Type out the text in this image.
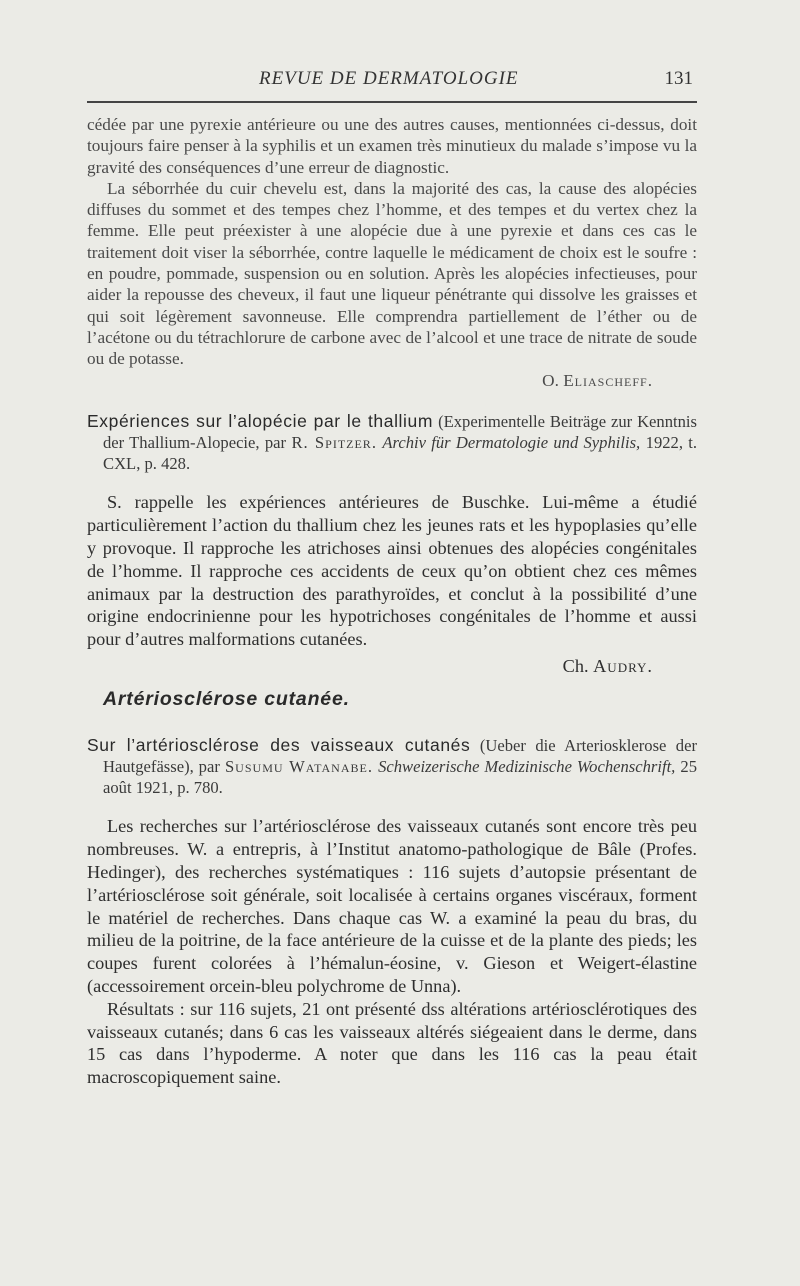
REVUE DE DERMATOLOGIE	131

cédée par une pyrexie antérieure ou une des autres causes, mentionnées ci-dessus, doit toujours faire penser à la syphilis et un examen très minutieux du malade s’impose vu la gravité des conséquences d’une erreur de diagnostic.

La séborrhée du cuir chevelu est, dans la majorité des cas, la cause des alopécies diffuses du sommet et des tempes chez l’homme, et des tempes et du vertex chez la femme. Elle peut préexister à une alopécie due à une pyrexie et dans ces cas le traitement doit viser la séborrhée, contre laquelle le médicament de choix est le soufre : en poudre, pommade, suspension ou en solution. Après les alopécies infectieuses, pour aider la repousse des cheveux, il faut une liqueur pénétrante qui dissolve les graisses et qui soit légèrement savonneuse. Elle comprendra partiellement de l’éther ou de l’acétone ou du tétrachlorure de carbone avec de l’alcool et une trace de nitrate de soude ou de potasse.

O. Eliascheff.

Expériences sur l’alopécie par le thallium (Experimentelle Beiträge zur Kenntnis der Thallium-Alopecie, par R. Spitzer. Archiv für Dermatologie und Syphilis, 1922, t. CXL, p. 428.

S. rappelle les expériences antérieures de Buschke. Lui-même a étudié particulièrement l’action du thallium chez les jeunes rats et les hypoplasies qu’elle y provoque. Il rapproche les atrichoses ainsi obtenues des alopécies congénitales de l’homme. Il rapproche ces accidents de ceux qu’on obtient chez ces mêmes animaux par la destruction des parathyroïdes, et conclut à la possibilité d’une origine endocrinienne pour les hypotrichoses congénitales de l’homme et aussi pour d’autres malformations cutanées.

Ch. Audry.
Artériosclérose cutanée.

Sur l’artériosclérose des vaisseaux cutanés (Ueber die Arteriosklerose der Hautgefässe), par Susumu Watanabe. Schweizerische Medizinische Wochenschrift, 25 août 1921, p. 780.

Les recherches sur l’artériosclérose des vaisseaux cutanés sont encore très peu nombreuses. W. a entrepris, à l’Institut anatomo-pathologique de Bâle (Profes. Hedinger), des recherches systématiques : 116 sujets d’autopsie présentant de l’artériosclérose soit générale, soit localisée à certains organes viscéraux, forment le matériel de recherches. Dans chaque cas W. a examiné la peau du bras, du milieu de la poitrine, de la face antérieure de la cuisse et de la plante des pieds; les coupes furent colorées à l’hémalun-éosine, v. Gieson et Weigert-élastine (accessoirement orcein-bleu polychrome de Unna).

Résultats : sur 116 sujets, 21 ont présenté dss altérations artériosclérotiques des vaisseaux cutanés; dans 6 cas les vaisseaux altérés siégeaient dans le derme, dans 15 cas dans l’hypoderme. A noter que dans les 116 cas la peau était macroscopiquement saine.
